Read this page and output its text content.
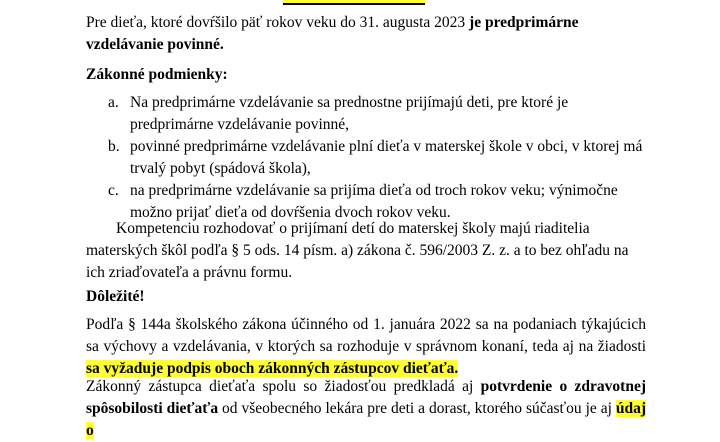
Pre dieťa, ktoré dovŕšilo päť rokov veku do 31. augusta 2023 je predprimárne vzdelávanie povinné.

Zákonné podmienky:

a. Na predprimárne vzdelávanie sa prednostne prijímajú deti, pre ktoré je predprimárne vzdelávanie povinné,
b. povinné predprimárne vzdelávanie plní dieťa v materskej škole v obci, v ktorej má trvalý pobyt (spádová škola),
c. na predprimárne vzdelávanie sa prijíma dieťa od troch rokov veku; výnimočne možno prijať dieťa od dovŕšenia dvoch rokov veku.

Kompetenciu rozhodovať o prijímaní detí do materskej školy majú riaditelia materských škôl podľa § 5 ods. 14 písm. a) zákona č. 596/2003 Z. z. a to bez ohľadu na ich zriaďovateľa a právnu formu.

Dôležité!

Podľa § 144a školského zákona účinného od 1. januára 2022 sa na podaniach týkajúcich sa výchovy a vzdelávania, v ktorých sa rozhoduje v správnom konaní, teda aj na žiadosti sa vyžaduje podpis oboch zákonných zástupcov dieťaťa.

Zákonný zástupca dieťaťa spolu so žiadosťou predkladá aj potvrdenie o zdravotnej spôsobilosti dieťaťa od všeobecného lekára pre deti a dorast, ktorého súčasťou je aj údaj o
